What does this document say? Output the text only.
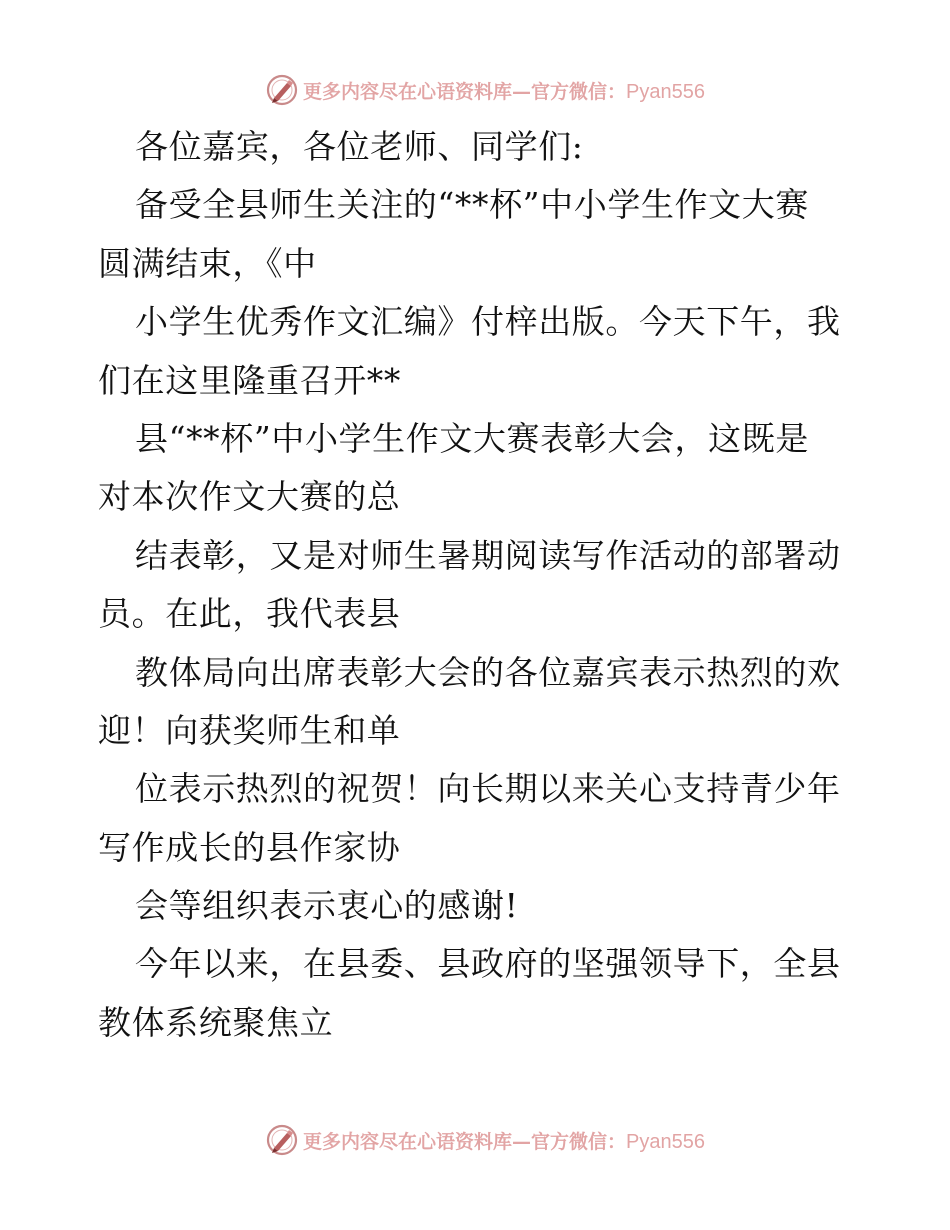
更多内容尽在心语资料库—官方微信：Pyan556
各位嘉宾，各位老师、同学们:
备受全县师生关注的“**杯”中小学生作文大赛
圆满结束，《中
小学生优秀作文汇编》付梓出版。今天下午，我
们在这里隆重召开**
县“**杯”中小学生作文大赛表彰大会，这既是
对本次作文大赛的总
结表彰，又是对师生暑期阅读写作活动的部署动
员。在此，我代表县
教体局向出席表彰大会的各位嘉宾表示热烈的欢
迎！向获奖师生和单
位表示热烈的祝贺！向长期以来关心支持青少年
写作成长的县作家协
会等组织表示衷心的感谢!
今年以来，在县委、县政府的坚强领导下，全县
教体系统聚焦立
更多内容尽在心语资料库—官方微信：Pyan556
